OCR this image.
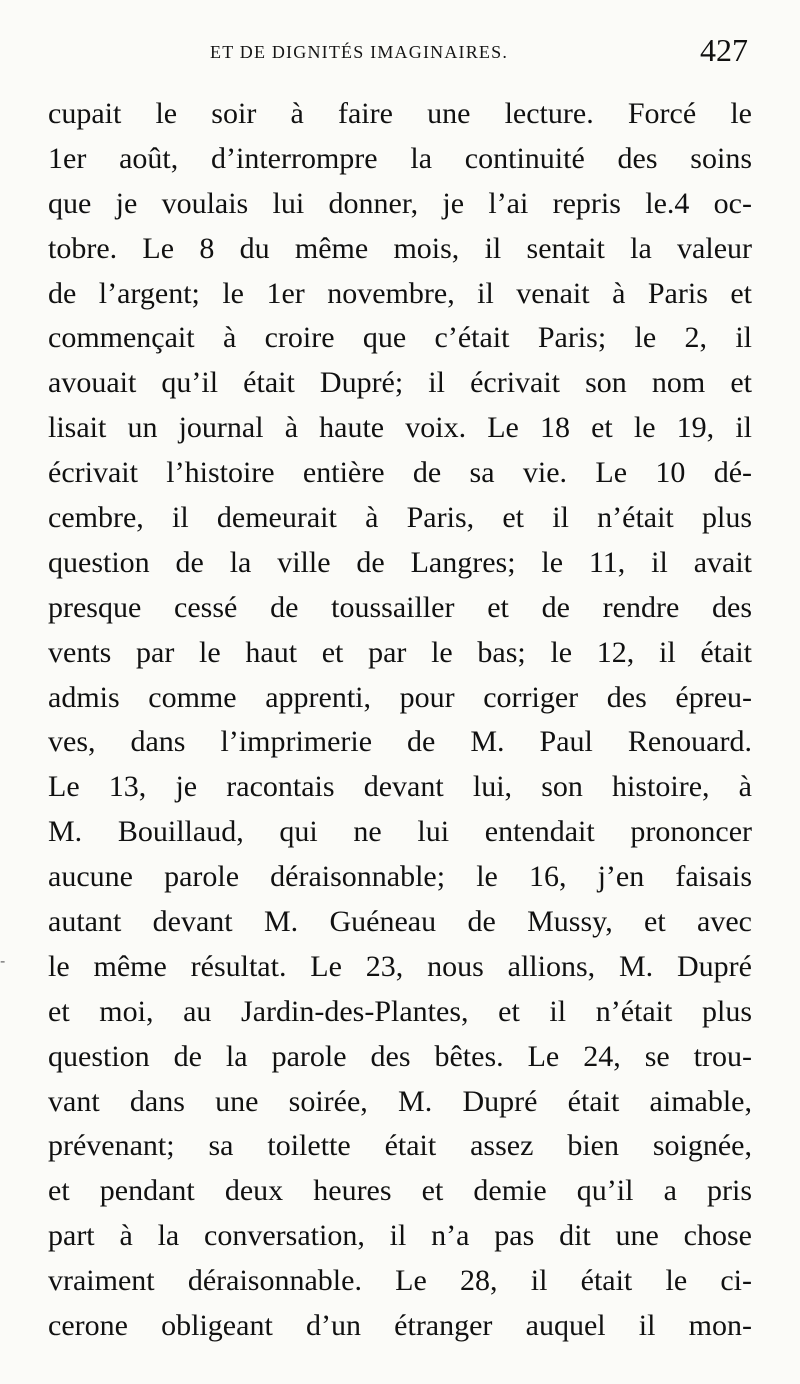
ET DE DIGNITÉS IMAGINAIRES.	427
-
cupait le soir à faire une lecture. Forcé le
1er août, d’interrompre la continuité des soins
que je voulais lui donner, je l’ai repris le.4 oc-
tobre. Le 8 du même mois, il sentait la valeur
de l’argent; le 1er novembre, il venait à Paris et
commençait à croire que c’était Paris; le 2, il
avouait qu’il était Dupré; il écrivait son nom et
lisait un journal à haute voix. Le 18 et le 19, il
écrivait l’histoire entière de sa vie. Le 10 dé-
cembre, il demeurait à Paris, et il n’était plus
question de la ville de Langres; le 11, il avait
presque cessé de toussailler et de rendre des
vents par le haut et par le bas; le 12, il était
admis comme apprenti, pour corriger des épreu-
ves, dans l’imprimerie de M. Paul Renouard.
Le 13, je racontais devant lui, son histoire, à
M. Bouillaud, qui ne lui entendait prononcer
aucune parole déraisonnable; le 16, j’en faisais
autant devant M. Guéneau de Mussy, et avec
le même résultat. Le 23, nous allions, M. Dupré
et moi, au Jardin-des-Plantes, et il n’était plus
question de la parole des bêtes. Le 24, se trou-
vant dans une soirée, M. Dupré était aimable,
prévenant; sa toilette était assez bien soignée,
et pendant deux heures et demie qu’il a pris
part à la conversation, il n’a pas dit une chose
vraiment déraisonnable. Le 28, il était le ci-
cerone obligeant d’un étranger auquel il mon-
